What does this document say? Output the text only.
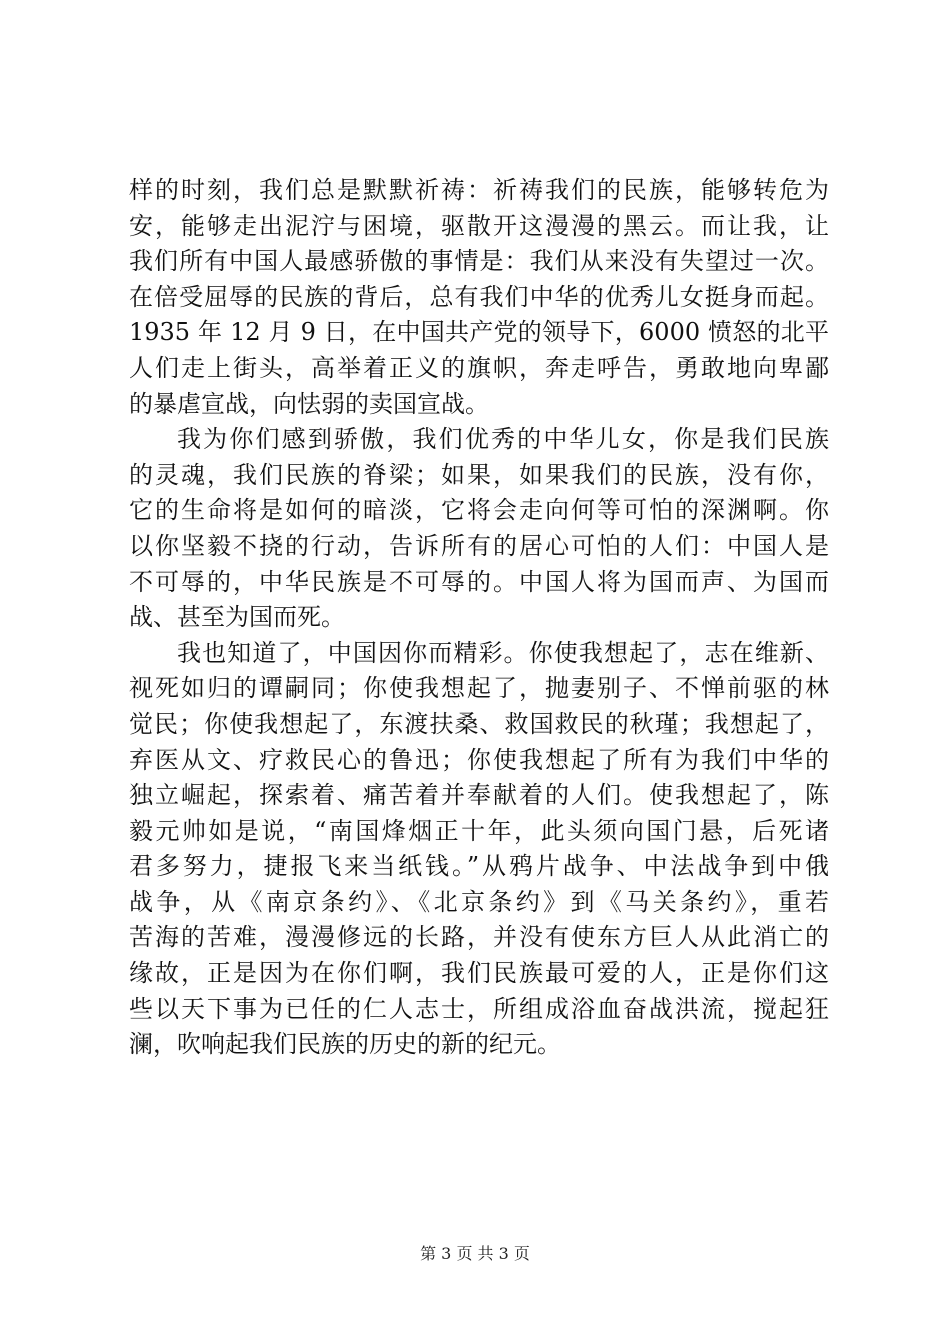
样的时刻，我们总是默默祈祷：祈祷我们的民族，能够转危为
安，能够走出泥泞与困境，驱散开这漫漫的黑云。而让我，让
我们所有中国人最感骄傲的事情是：我们从来没有失望过一次。
在倍受屈辱的民族的背后，总有我们中华的优秀儿女挺身而起。
1935 年 12 月 9 日，在中国共产党的领导下，6000 愤怒的北平
人们走上街头，高举着正义的旗帜，奔走呼告，勇敢地向卑鄙
的暴虐宣战，向怯弱的卖国宣战。
我为你们感到骄傲，我们优秀的中华儿女，你是我们民族
的灵魂，我们民族的脊梁；如果，如果我们的民族，没有你，
它的生命将是如何的暗淡，它将会走向何等可怕的深渊啊。你
以你坚毅不挠的行动，告诉所有的居心可怕的人们：中国人是
不可辱的，中华民族是不可辱的。中国人将为国而声、为国而
战、甚至为国而死。
我也知道了，中国因你而精彩。你使我想起了，志在维新、
视死如归的谭嗣同；你使我想起了，抛妻别子、不惮前驱的林
觉民；你使我想起了，东渡扶桑、救国救民的秋瑾；我想起了，
弃医从文、疗救民心的鲁迅；你使我想起了所有为我们中华的
独立崛起，探索着、痛苦着并奉献着的人们。使我想起了，陈
毅元帅如是说，“南国烽烟正十年，此头须向国门悬，后死诸
君多努力，捷报飞来当纸钱。”从鸦片战争、中法战争到中俄
战争，从《南京条约》、《北京条约》到《马关条约》，重若
苦海的苦难，漫漫修远的长路，并没有使东方巨人从此消亡的
缘故，正是因为在你们啊，我们民族最可爱的人，正是你们这
些以天下事为已任的仁人志士，所组成浴血奋战洪流，搅起狂
澜，吹响起我们民族的历史的新的纪元。
第 3 页 共 3 页
